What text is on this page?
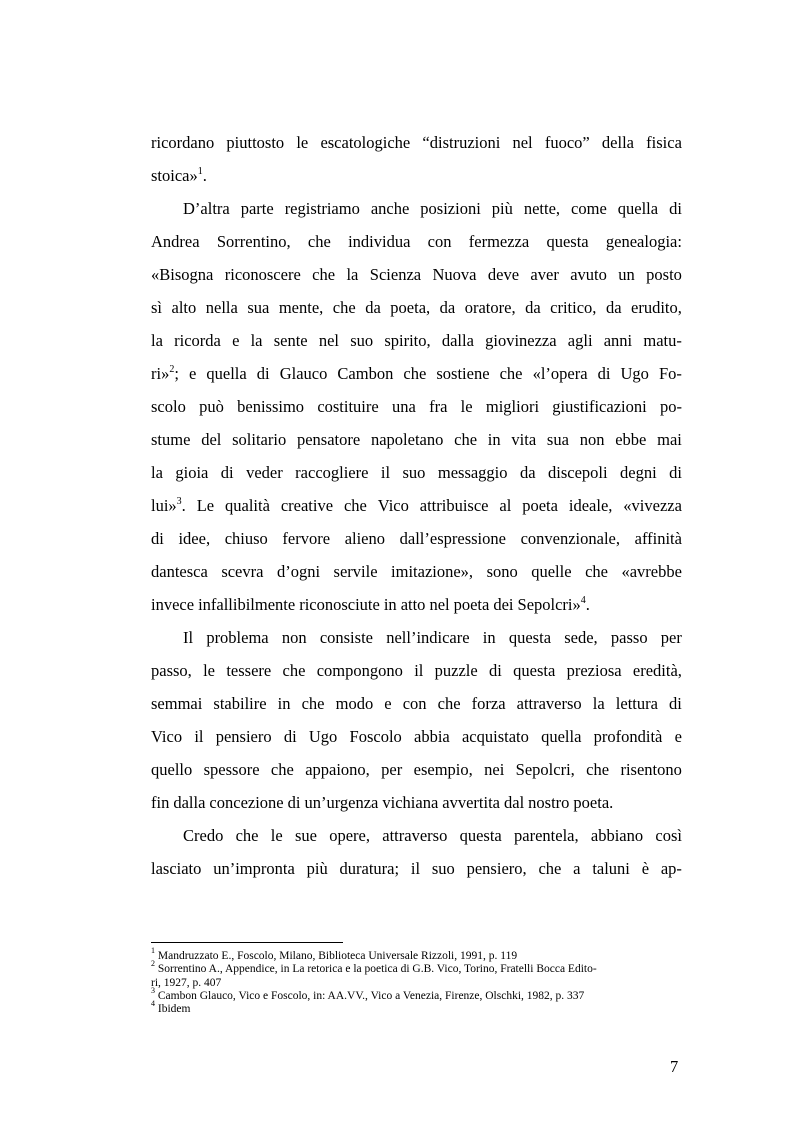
ricordano piuttosto le escatologiche “distruzioni nel fuoco” della fisica
stoica»$^1$.
D’altra parte registriamo anche posizioni più nette, come quella di
Andrea Sorrentino, che individua con fermezza questa genealogia:
«Bisogna riconoscere che la Scienza Nuova deve aver avuto un posto
sì alto nella sua mente, che da poeta, da oratore, da critico, da erudito,
la ricorda e la sente nel suo spirito, dalla giovinezza agli anni matu-
ri»$^2$; e quella di Glauco Cambon che sostiene che «l’opera di Ugo Fo-
scolo può benissimo costituire una fra le migliori giustificazioni po-
stume del solitario pensatore napoletano che in vita sua non ebbe mai
la gioia di veder raccogliere il suo messaggio da discepoli degni di
lui»$^3$. Le qualità creative che Vico attribuisce al poeta ideale, «vivezza
di idee, chiuso fervore alieno dall’espressione convenzionale, affinità
dantesca scevra d’ogni servile imitazione», sono quelle che «avrebbe
invece infallibilmente riconosciute in atto nel poeta dei Sepolcri»$^4$.
Il problema non consiste nell’indicare in questa sede, passo per
passo, le tessere che compongono il puzzle di questa preziosa eredità,
semmai stabilire in che modo e con che forza attraverso la lettura di
Vico il pensiero di Ugo Foscolo abbia acquistato quella profondità e
quello spessore che appaiono, per esempio, nei Sepolcri, che risentono
fin dalla concezione di un’urgenza vichiana avvertita dal nostro poeta.
Credo che le sue opere, attraverso questa parentela, abbiano così
lasciato un’impronta più duratura; il suo pensiero, che a taluni è ap-
$^1$ Mandruzzato E., Foscolo, Milano, Biblioteca Universale Rizzoli, 1991, p. 119
$^2$ Sorrentino A., Appendice, in La retorica e la poetica di G.B. Vico, Torino, Fratelli Bocca Edito-
ri, 1927, p. 407
$^3$ Cambon Glauco, Vico e Foscolo, in: AA.VV., Vico a Venezia, Firenze, Olschki, 1982, p. 337
$^4$ Ibidem
7
